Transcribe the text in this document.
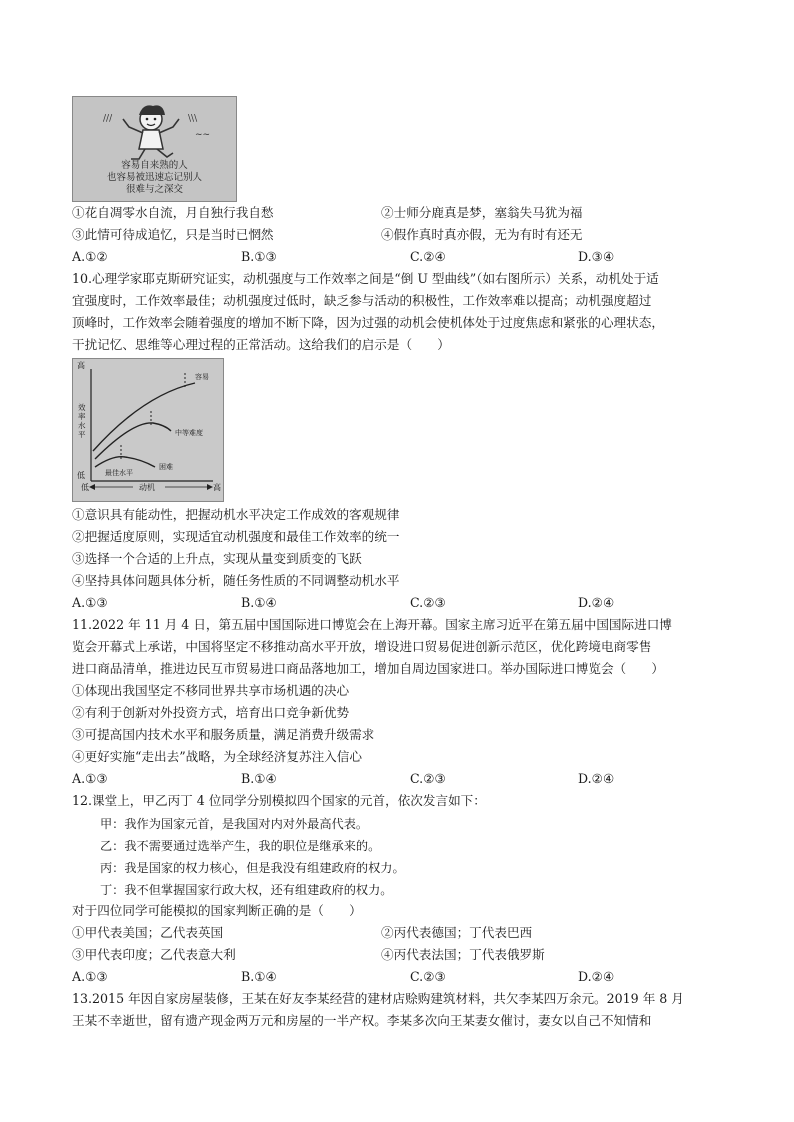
///	\\\
~~
容易自来熟的人
也容易被迅速忘记别人
很难与之深交
①花自凋零水自流，月自独行我自愁	②士师分鹿真是梦，塞翁失马犹为福
③此情可待成追忆，只是当时已惘然	④假作真时真亦假，无为有时有还无
A.①②	B.①③	C.②④	D.③④
10.心理学家耶克斯研究证实，动机强度与工作效率之间是“倒 U 型曲线”（如右图所示）关系，动机处于适
宜强度时，工作效率最佳；动机强度过低时，缺乏参与活动的积极性，工作效率难以提高；动机强度超过
顶峰时，工作效率会随着强度的增加不断下降，因为过强的动机会使机体处于过度焦虑和紧张的心理状态，
干扰记忆、思维等心理过程的正常活动。这给我们的启示是（　　）
高
效率水平
低
低	动机	高
容易
中等难度
困难
最佳水平
①意识具有能动性，把握动机水平决定工作成效的客观规律
②把握适度原则，实现适宜动机强度和最佳工作效率的统一
③选择一个合适的上升点，实现从量变到质变的飞跃
④坚持具体问题具体分析，随任务性质的不同调整动机水平
A.①③	B.①④	C.②③	D.②④
11.2022 年 11 月 4 日，第五届中国国际进口博览会在上海开幕。国家主席习近平在第五届中国国际进口博
览会开幕式上承诺，中国将坚定不移推动高水平开放，增设进口贸易促进创新示范区，优化跨境电商零售
进口商品清单，推进边民互市贸易进口商品落地加工，增加自周边国家进口。举办国际进口博览会（　　）
①体现出我国坚定不移同世界共享市场机遇的决心
②有利于创新对外投资方式，培育出口竞争新优势
③可提高国内技术水平和服务质量，满足消费升级需求
④更好实施“走出去”战略，为全球经济复苏注入信心
A.①③	B.①④	C.②③	D.②④
12.课堂上，甲乙丙丁 4 位同学分别模拟四个国家的元首，依次发言如下：
甲：我作为国家元首，是我国对内对外最高代表。
乙：我不需要通过选举产生，我的职位是继承来的。
丙：我是国家的权力核心，但是我没有组建政府的权力。
丁：我不但掌握国家行政大权，还有组建政府的权力。
对于四位同学可能模拟的国家判断正确的是（　　）
①甲代表美国；乙代表英国	②丙代表德国；丁代表巴西
③甲代表印度；乙代表意大利	④丙代表法国；丁代表俄罗斯
A.①③	B.①④	C.②③	D.②④
13.2015 年因自家房屋装修，王某在好友李某经营的建材店赊购建筑材料，共欠李某四万余元。2019 年 8 月
王某不幸逝世，留有遗产现金两万元和房屋的一半产权。李某多次向王某妻女催讨，妻女以自己不知情和
